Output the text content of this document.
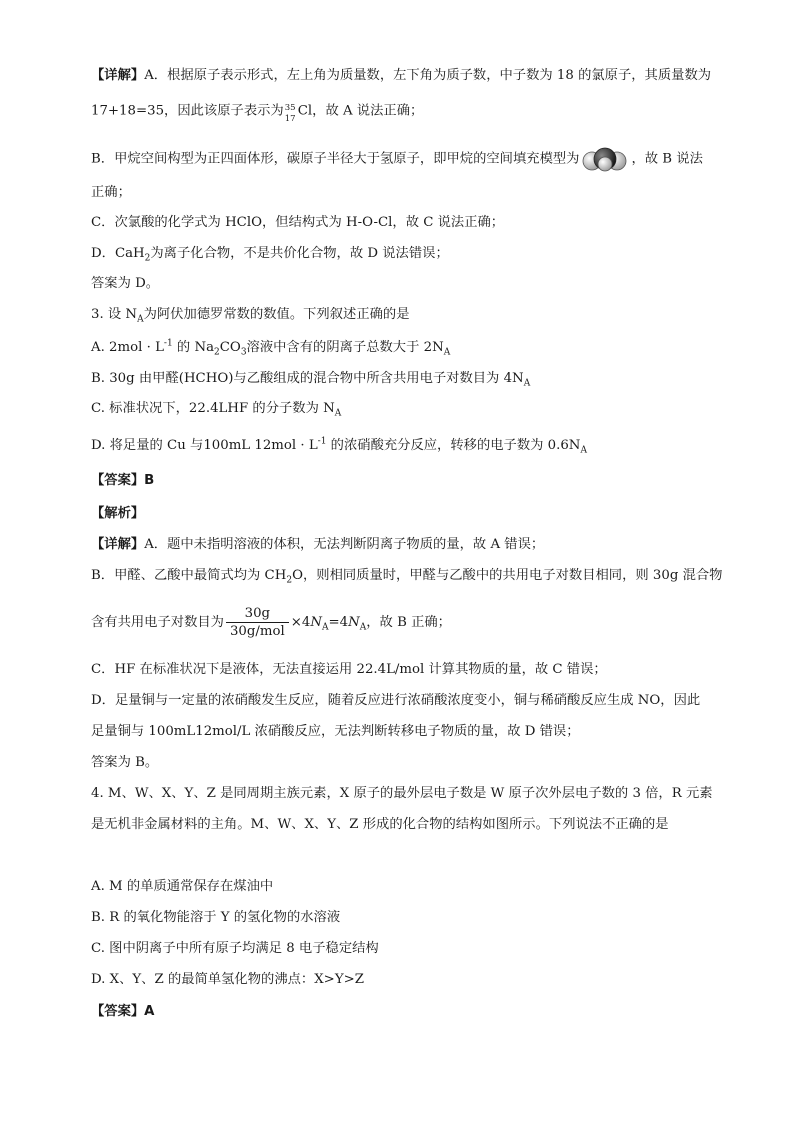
【详解】A．根据原子表示形式，左上角为质量数，左下角为质子数，中子数为 18 的氯原子，其质量数为
17+18=35，因此该原子表示为 35
17
Cl，故 A 说法正确；
B．甲烷空间构型为正四面体形，碳原子半径大于氢原子，即甲烷的空间填充模型为	，故 B 说法
正确；
C．次氯酸的化学式为 HClO，但结构式为 H-O-Cl，故 C 说法正确；
D．CaH$_2$为离子化合物，不是共价化合物，故 D 说法错误；
答案为 D。
3. 设 $N_A$为阿伏加德罗常数的数值。下列叙述正确的是
A. $2mol \cdot L^{-1}$ 的 $Na_2CO_3$溶液中含有的阴离子总数大于 $2N_A$
B. 30g 由甲醛(HCHO)与乙酸组成的混合物中所含共用电子对数目为 $4N_A$
C. 标准状况下，22.4LHF 的分子数为 $N_A$
D. 将足量的 Cu 与100mL $12mol \cdot L^{-1}$ 的浓硝酸充分反应，转移的电子数为 $0.6N_A$
【答案】B
【解析】
【详解】A．题中未指明溶液的体积，无法判断阴离子物质的量，故 A 错误；
B．甲醛、乙酸中最简式均为 $CH_2O$，则相同质量时，甲醛与乙酸中的共用电子对数目相同，则 30g 混合物
含有共用电子对数目为 $\frac{30g}{\text{30g/mol}} \times 4N_A=4N_A$，故 B 正确；
C．HF 在标准状况下是液体，无法直接运用 22.4L/mol 计算其物质的量，故 C 错误；
D．足量铜与一定量的浓硝酸发生反应，随着反应进行浓硝酸浓度变小，铜与稀硝酸反应生成 NO，因此
足量铜与 100mL12mol/L 浓硝酸反应，无法判断转移电子物质的量，故 D 错误；
答案为 B。
4. M、W、X、Y、Z 是同周期主族元素，X 原子的最外层电子数是 W 原子次外层电子数的 3 倍，R 元素
是无机非金属材料的主角。M、W、X、Y、Z 形成的化合物的结构如图所示。下列说法不正确的是
A. M 的单质通常保存在煤油中
B. R 的氧化物能溶于 Y 的氢化物的水溶液
C. 图中阴离子中所有原子均满足 8 电子稳定结构
D. X、Y、Z 的最简单氢化物的沸点：X>Y>Z
【答案】A
